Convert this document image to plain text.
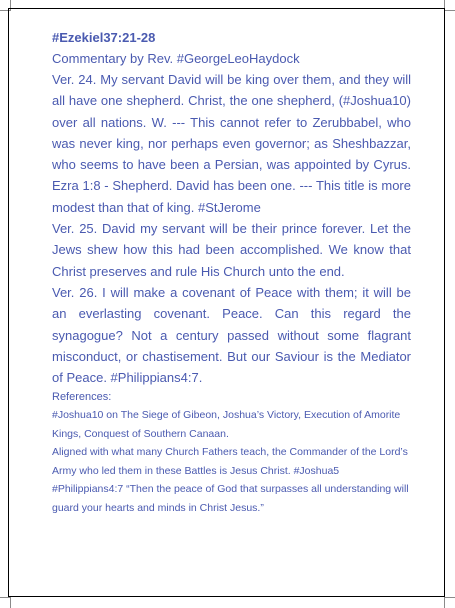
#Ezekiel37:21-28
Commentary by Rev. #GeorgeLeoHaydock

Ver. 24. My servant David will be king over them, and they will all have one shepherd. Christ, the one shepherd, (#Joshua10) over all nations. W. --- This cannot refer to Zerubbabel, who was never king, nor perhaps even governor; as Sheshbazzar, who seems to have been a Persian, was appointed by Cyrus. Ezra 1:8 - Shepherd. David has been one. --- This title is more modest than that of king. #StJerome

Ver. 25. David my servant will be their prince forever. Let the Jews shew how this had been accomplished. We know that Christ preserves and rule His Church unto the end.

Ver. 26. I will make a covenant of Peace with them; it will be an everlasting covenant. Peace. Can this regard the synagogue? Not a century passed without some flagrant misconduct, or chastisement. But our Saviour is the Mediator of Peace. #Philippians4:7.

References:
#Joshua10 on The Siege of Gibeon, Joshua’s Victory, Execution of Amorite Kings, Conquest of Southern Canaan.
Aligned with what many Church Fathers teach, the Commander of the Lord’s Army who led them in these Battles is Jesus Christ. #Joshua5
#Philippians4:7 “Then the peace of God that surpasses all understanding will guard your hearts and minds in Christ Jesus.”
